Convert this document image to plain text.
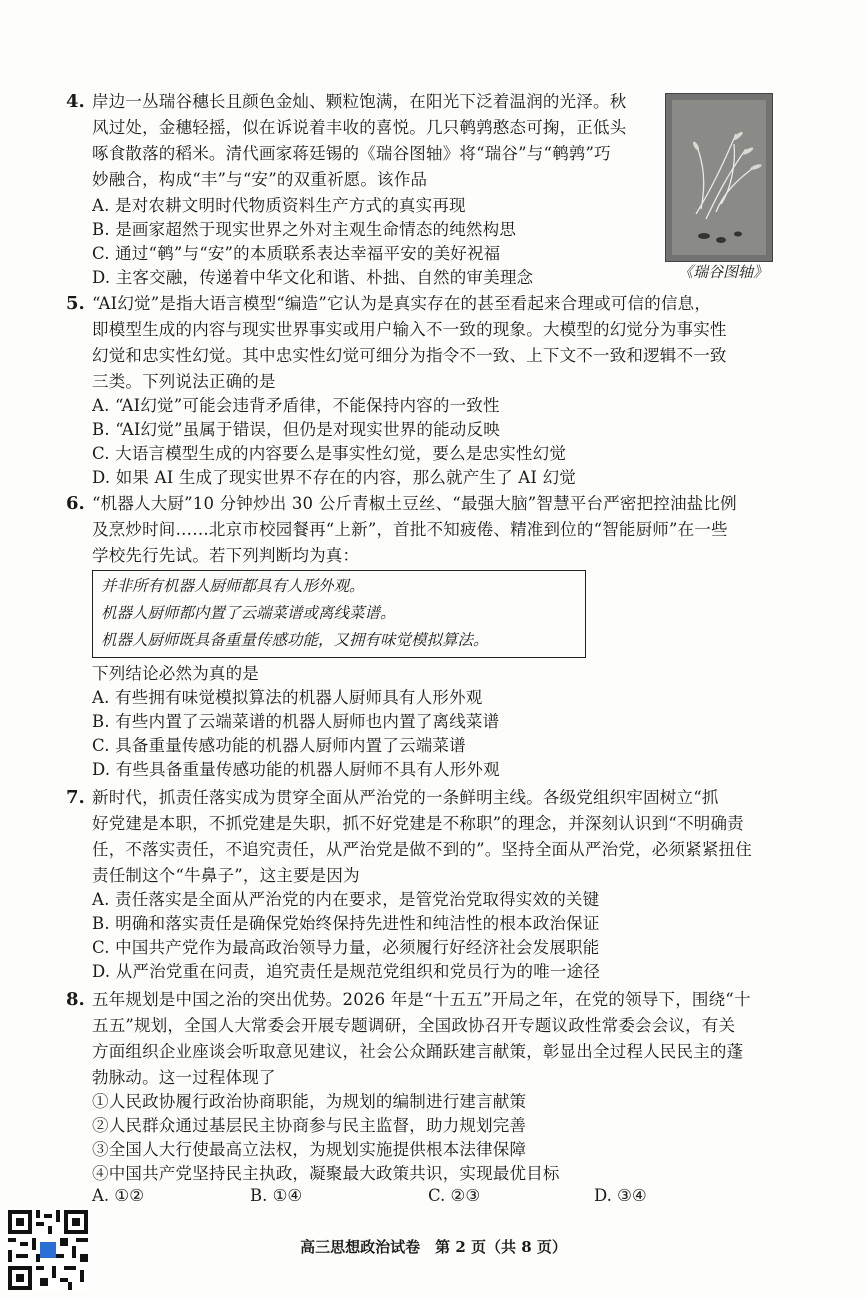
4. 岸边一丛瑞谷穗长且颜色金灿、颗粒饱满，在阳光下泛着温润的光泽。秋
风过处，金穗轻摇，似在诉说着丰收的喜悦。几只鹌鹑憨态可掬，正低头
啄食散落的稻米。清代画家蒋廷锡的《瑞谷图轴》将“瑞谷”与“鹌鹑”巧
妙融合，构成“丰”与“安”的双重祈愿。该作品
A. 是对农耕文明时代物质资料生产方式的真实再现
B. 是画家超然于现实世界之外对主观生命情态的纯然构思
C. 通过“鹌”与“安”的本质联系表达幸福平安的美好祝福
D. 主客交融，传递着中华文化和谐、朴拙、自然的审美理念	《瑞谷图轴》
5. “AI幻觉”是指大语言模型“编造”它认为是真实存在的甚至看起来合理或可信的信息，
即模型生成的内容与现实世界事实或用户输入不一致的现象。大模型的幻觉分为事实性
幻觉和忠实性幻觉。其中忠实性幻觉可细分为指令不一致、上下文不一致和逻辑不一致
三类。下列说法正确的是
A. “AI幻觉”可能会违背矛盾律，不能保持内容的一致性
B. “AI幻觉”虽属于错误，但仍是对现实世界的能动反映
C. 大语言模型生成的内容要么是事实性幻觉，要么是忠实性幻觉
D. 如果 AI 生成了现实世界不存在的内容，那么就产生了 AI 幻觉
6. “机器人大厨”10 分钟炒出 30 公斤青椒土豆丝、“最强大脑”智慧平台严密把控油盐比例
及烹炒时间……北京市校园餐再“上新”，首批不知疲倦、精准到位的“智能厨师”在一些
学校先行先试。若下列判断均为真：
并非所有机器人厨师都具有人形外观。
机器人厨师都内置了云端菜谱或离线菜谱。
机器人厨师既具备重量传感功能，又拥有味觉模拟算法。
下列结论必然为真的是
A. 有些拥有味觉模拟算法的机器人厨师具有人形外观
B. 有些内置了云端菜谱的机器人厨师也内置了离线菜谱
C. 具备重量传感功能的机器人厨师内置了云端菜谱
D. 有些具备重量传感功能的机器人厨师不具有人形外观
7. 新时代，抓责任落实成为贯穿全面从严治党的一条鲜明主线。各级党组织牢固树立“抓
好党建是本职，不抓党建是失职，抓不好党建是不称职”的理念，并深刻认识到“不明确责
任，不落实责任，不追究责任，从严治党是做不到的”。坚持全面从严治党，必须紧紧扭住
责任制这个“牛鼻子”，这主要是因为
A. 责任落实是全面从严治党的内在要求，是管党治党取得实效的关键
B. 明确和落实责任是确保党始终保持先进性和纯洁性的根本政治保证
C. 中国共产党作为最高政治领导力量，必须履行好经济社会发展职能
D. 从严治党重在问责，追究责任是规范党组织和党员行为的唯一途径
8. 五年规划是中国之治的突出优势。2026 年是“十五五”开局之年，在党的领导下，围绕“十
五五”规划，全国人大常委会开展专题调研，全国政协召开专题议政性常委会会议，有关
方面组织企业座谈会听取意见建议，社会公众踊跃建言献策，彰显出全过程人民民主的蓬
勃脉动。这一过程体现了
①人民政协履行政治协商职能，为规划的编制进行建言献策
②人民群众通过基层民主协商参与民主监督，助力规划完善
③全国人大行使最高立法权，为规划实施提供根本法律保障
④中国共产党坚持民主执政，凝聚最大政策共识，实现最优目标
A. ①②	B. ①④	C. ②③	D. ③④
高三思想政治试卷　第 2 页（共 8 页）
